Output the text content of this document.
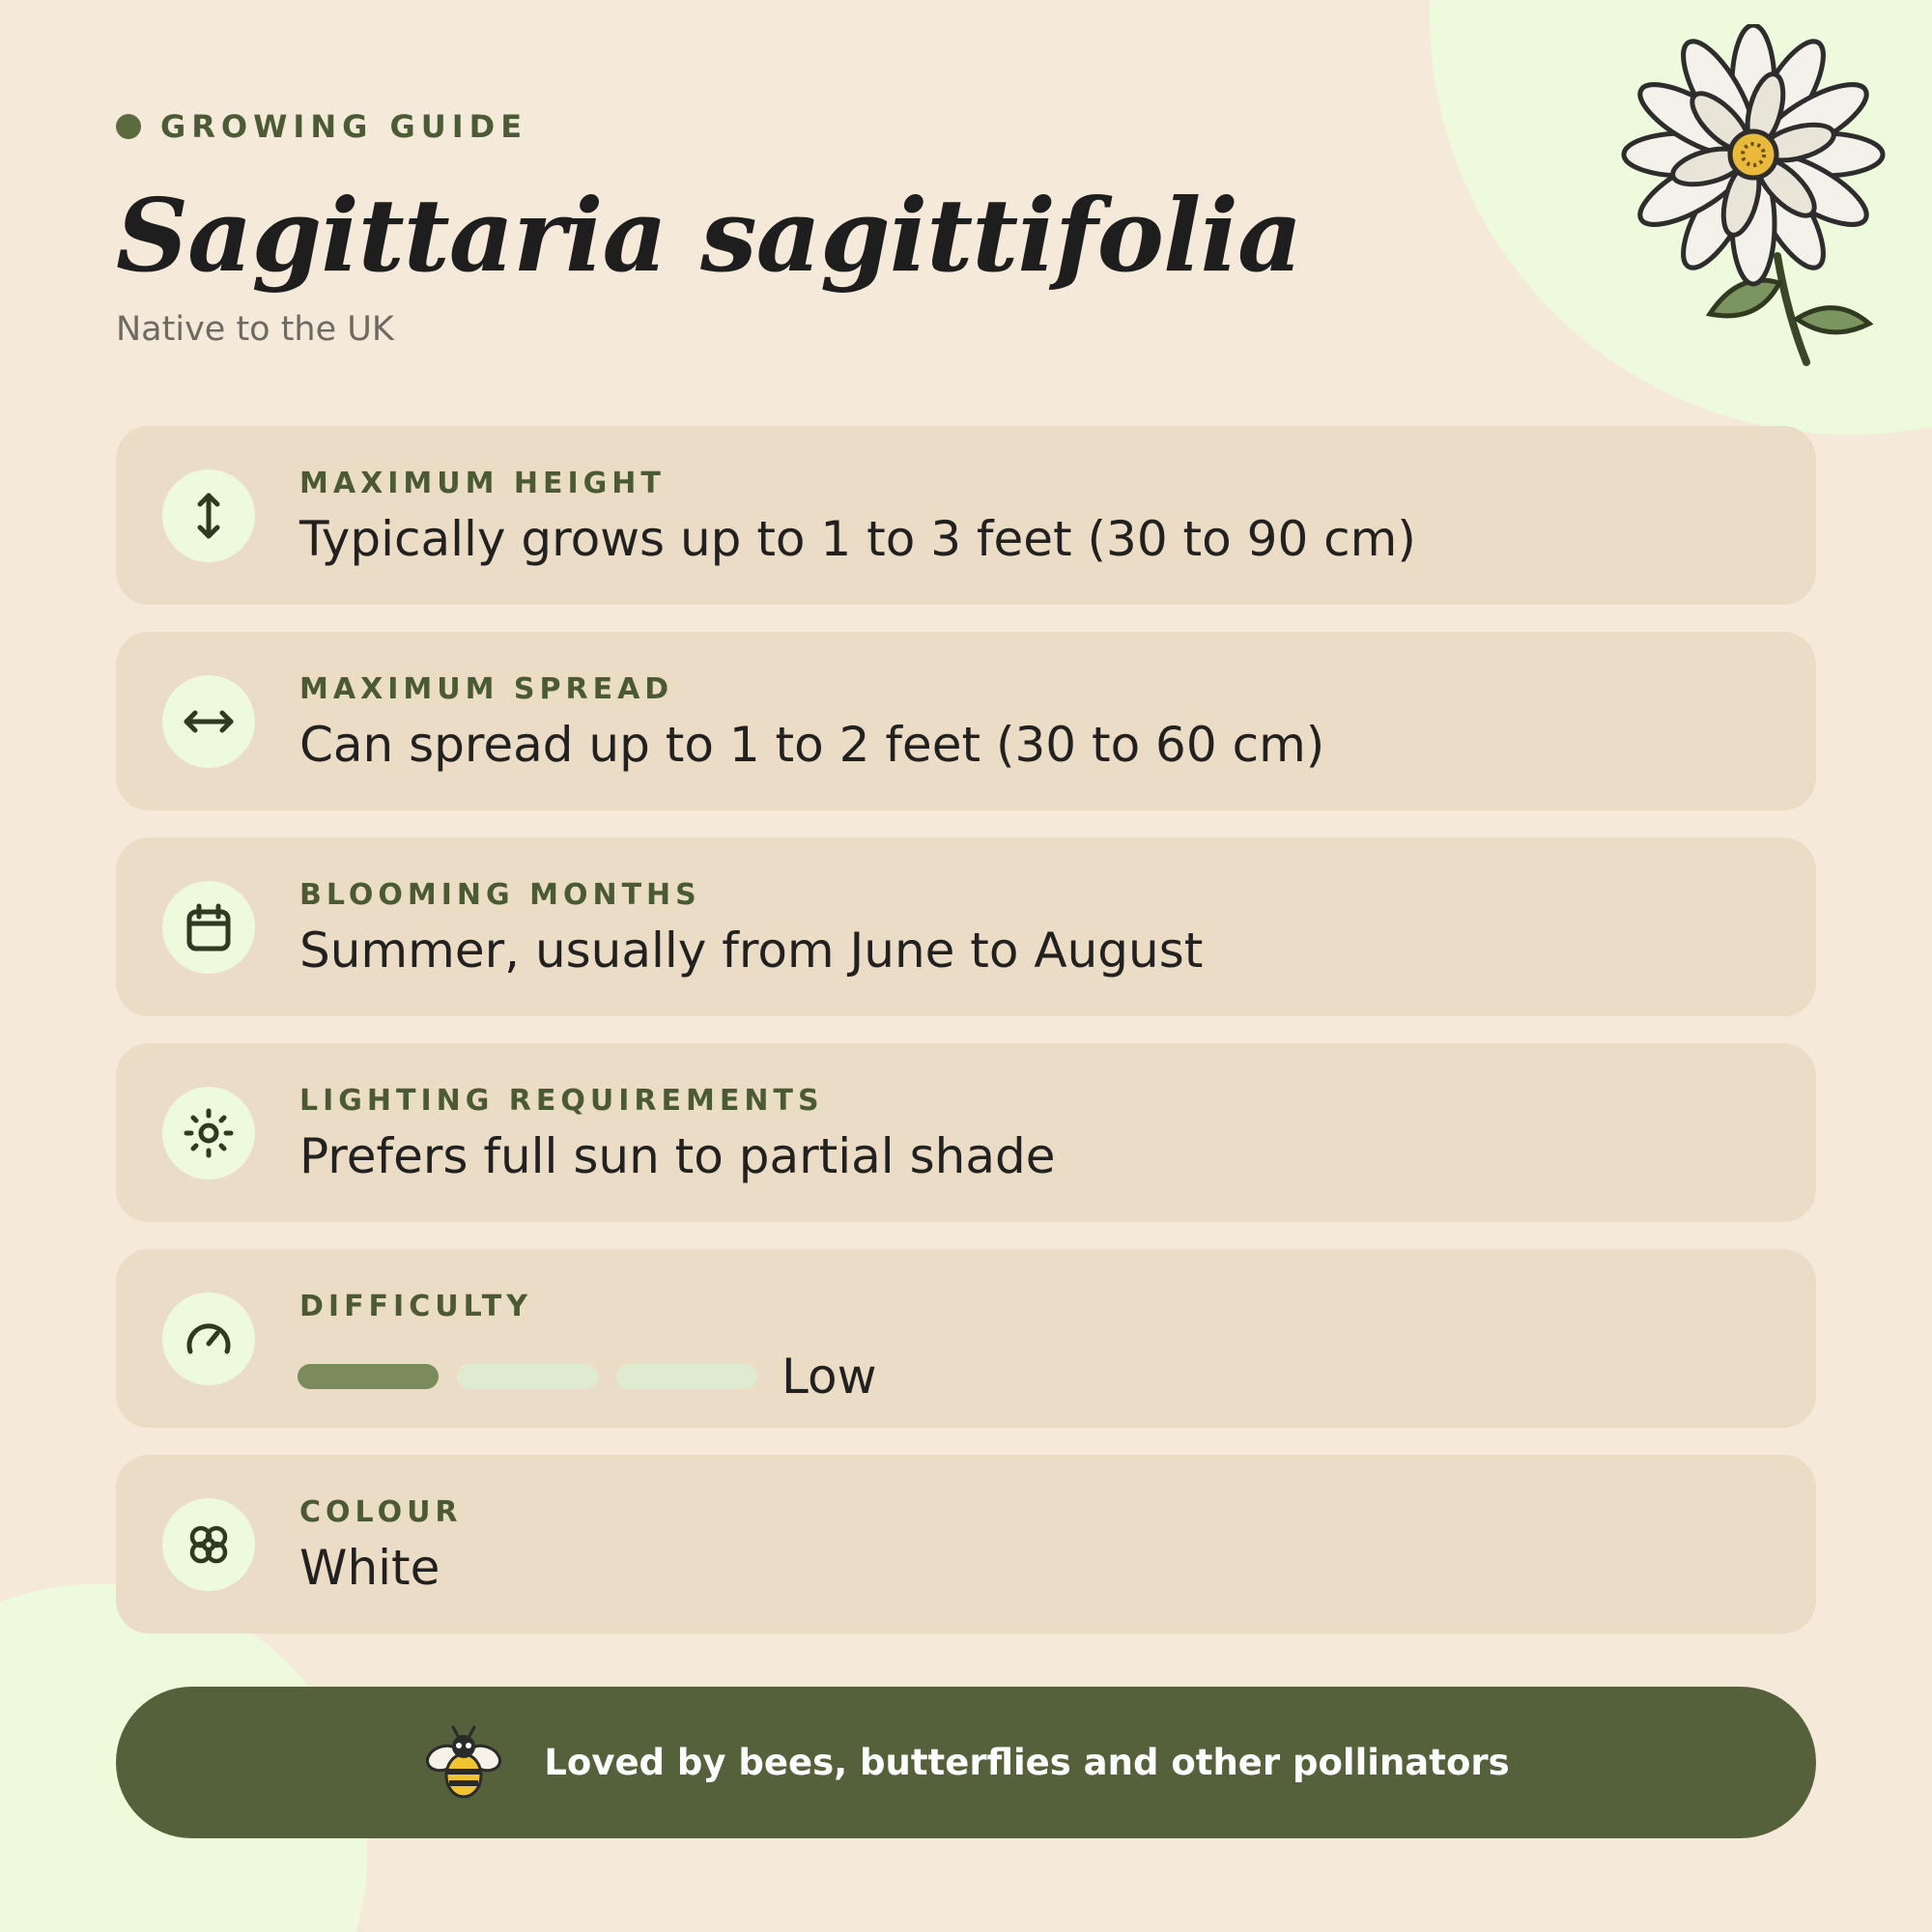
GROWING GUIDE
Sagittaria sagittifolia
Native to the UK
MAXIMUM HEIGHT
Typically grows up to 1 to 3 feet (30 to 90 cm)
MAXIMUM SPREAD
Can spread up to 1 to 2 feet (30 to 60 cm)
BLOOMING MONTHS
Summer, usually from June to August
LIGHTING REQUIREMENTS
Prefers full sun to partial shade
DIFFICULTY
Low
COLOUR
White
Loved by bees, butterflies and other pollinators
